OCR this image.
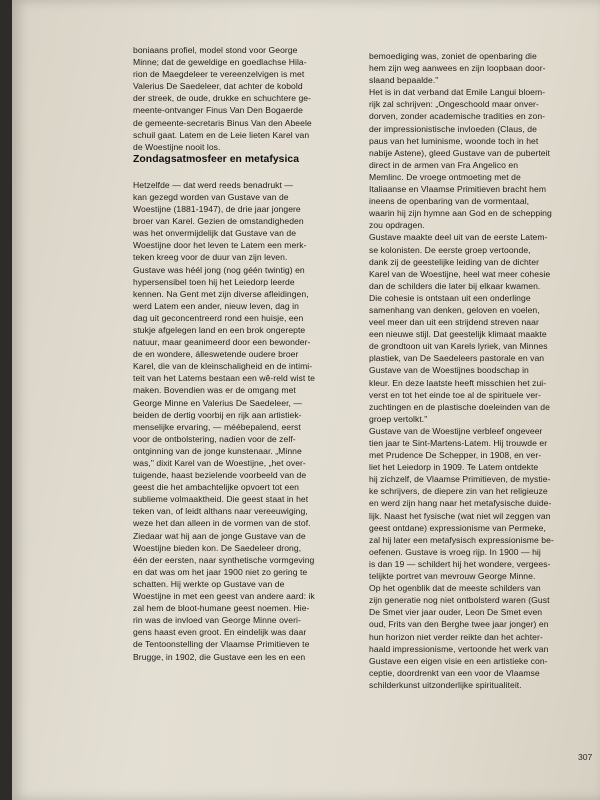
boniaans profiel, model stond voor George
Minne; dat de geweldige en goedlachse Hila-
rion de Maegdeleer te vereenzelvigen is met
Valerius De Saedeleer, dat achter de kobold
der streek, de oude, drukke en schuchtere ge-
meente-ontvanger Finus Van Den Bogaerde
de gemeente-secretaris Binus Van den Abeele
schuil gaat. Latem en de Leie lieten Karel van
de Woestijne nooit los.
Zondagsatmosfeer en metafysica
Hetzelfde — dat werd reeds benadrukt —
kan gezegd worden van Gustave van de
Woestijne (1881-1947), de drie jaar jongere
broer van Karel. Gezien de omstandigheden
was het onvermijdelijk dat Gustave van de
Woestijne door het leven te Latem een merk-
teken kreeg voor de duur van zijn leven.
Gustave was héél jong (nog géén twintig) en
hypersensibel toen hij het Leiedorp leerde
kennen. Na Gent met zijn diverse afleidingen,
werd Latem een ander, nieuw leven, dag in
dag uit geconcentreerd rond een huisje, een
stukje afgelegen land en een brok ongerepte
natuur, maar geanimeerd door een bewonder-
de en wondere, álleswetende oudere broer
Karel, die van de kleinschaligheid en de intimi-
teit van het Latems bestaan een wê-reld wist te
maken. Bovendien was er de omgang met
George Minne en Valerius De Saedeleer, —
beiden de dertig voorbij en rijk aan artistiek-
menselijke ervaring, — méébepalend, eerst
voor de ontbolstering, nadien voor de zelf-
ontginning van de jonge kunstenaar. „Minne
was," dixit Karel van de Woestijne, „het over-
tuigende, haast bezielende voorbeeld van de
geest die het ambachtelijke opvoert tot een
sublieme volmaaktheid. Die geest staat in het
teken van, of leidt althans naar vereeuwiging,
weze het dan alleen in de vormen van de stof.
Ziedaar wat hij aan de jonge Gustave van de
Woestijne bieden kon. De Saedeleer drong,
één der eersten, naar synthetische vormgeving
en dat was om het jaar 1900 niet zo gering te
schatten. Hij werkte op Gustave van de
Woestijne in met een geest van andere aard: ik
zal hem de bloot-humane geest noemen. Hie-
rin was de invloed van George Minne overi-
gens haast even groot. En eindelijk was daar
de Tentoonstelling der Vlaamse Primitieven te
Brugge, in 1902, die Gustave een les en een
bemoediging was, zoniet de openbaring die
hem zijn weg aanwees en zijn loopbaan door-
slaand bepaalde."
Het is in dat verband dat Emile Langui bloem-
rijk zal schrijven: „Ongeschoold maar onver-
dorven, zonder academische tradities en zon-
der impressionistische invloeden (Claus, de
paus van het luminisme, woonde toch in het
nabije Astene), gleed Gustave van de puberteit
direct in de armen van Fra Angelico en
Memlinc. De vroege ontmoeting met de
Italiaanse en Vlaamse Primitieven bracht hem
ineens de openbaring van de vormentaal,
waarin hij zijn hymne aan God en de schepping
zou opdragen.
Gustave maakte deel uit van de eerste Latem-
se kolonisten. De eerste groep vertoonde,
dank zij de geestelijke leiding van de dichter
Karel van de Woestijne, heel wat meer cohesie
dan de schilders die later bij elkaar kwamen.
Die cohesie is ontstaan uit een onderlinge
samenhang van denken, geloven en voelen,
veel meer dan uit een strijdend streven naar
een nieuwe stijl. Dat geestelijk klimaat maakte
de grondtoon uit van Karels lyriek, van Minnes
plastiek, van De Saedeleers pastorale en van
Gustave van de Woestijnes boodschap in
kleur. En deze laatste heeft misschien het zui-
verst en tot het einde toe al de spirituele ver-
zuchtingen en de plastische doeleinden van de
groep vertolkt."
Gustave van de Woestijne verbleef ongeveer
tien jaar te Sint-Martens-Latem. Hij trouwde er
met Prudence De Schepper, in 1908, en ver-
liet het Leiedorp in 1909. Te Latem ontdekte
hij zichzelf, de Vlaamse Primitieven, de mystie-
ke schrijvers, de diepere zin van het religieuze
en werd zijn hang naar het metafysische duide-
lijk. Naast het fysische (wat niet wil zeggen van
geest ontdane) expressionisme van Permeke,
zal hij later een metafysisch expressionisme be-
oefenen. Gustave is vroeg rijp. In 1900 — hij
is dan 19 — schildert hij het wondere, vergees-
telijkte portret van mevrouw George Minne.
Op het ogenblik dat de meeste schilders van
zijn generatie nog niet ontbolsterd waren (Gust
De Smet vier jaar ouder, Leon De Smet even
oud, Frits van den Berghe twee jaar jonger) en
hun horizon niet verder reikte dan het achter-
haald impressionisme, vertoonde het werk van
Gustave een eigen visie en een artistieke con-
ceptie, doordrenkt van een voor de Vlaamse
schilderkunst uitzonderlijke spiritualiteit.
307
